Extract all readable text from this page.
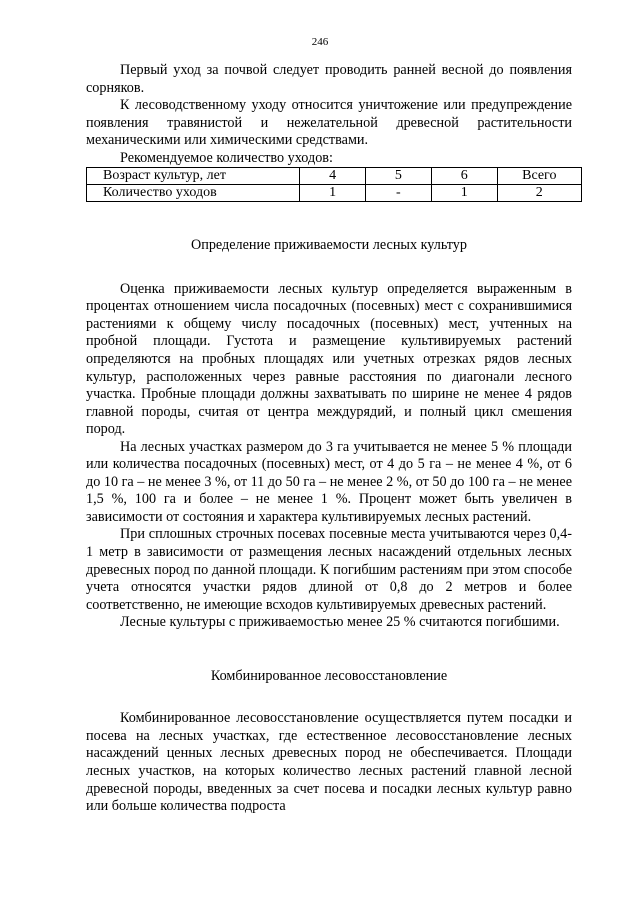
246

Первый уход за почвой следует проводить ранней весной до появления сорняков.

К лесоводственному уходу относится уничтожение или предупреждение появления травянистой и нежелательной древесной растительности механическими или химическими средствами.

Рекомендуемое количество уходов:

Возраст культур, лет	4	5	6	Всего
Количество уходов	1	-	1	2
Определение приживаемости лесных культур

Оценка приживаемости лесных культур определяется выраженным в процентах отношением числа посадочных (посевных) мест с сохранившимися растениями к общему числу посадочных (посевных) мест, учтенных на пробной площади. Густота и размещение культивируемых растений определяются на пробных площадях или учетных отрезках рядов лесных культур, расположенных через равные расстояния по диагонали лесного участка. Пробные площади должны захватывать по ширине не менее 4 рядов главной породы, считая от центра междурядий, и полный цикл смешения пород.

На лесных участках размером до 3 га учитывается не менее 5 % площади или количества посадочных (посевных) мест, от 4 до 5 га – не менее 4 %, от 6 до 10 га – не менее 3 %, от 11 до 50 га – не менее 2 %, от 50 до 100 га – не менее 1,5 %, 100 га и более – не менее 1 %. Процент может быть увеличен в зависимости от состояния и характера культивируемых лесных растений.

При сплошных строчных посевах посевные места учитываются через 0,4-1 метр в зависимости от размещения лесных насаждений отдельных лесных древесных пород по данной площади. К погибшим растениям при этом способе учета относятся участки рядов длиной от 0,8 до 2 метров и более соответственно, не имеющие всходов культивируемых древесных растений.

Лесные культуры с приживаемостью менее 25 % считаются погибшими.

Комбинированное лесовосстановление

Комбинированное лесовосстановление осуществляется путем посадки и посева на лесных участках, где естественное лесовосстановление лесных насаждений ценных лесных древесных пород не обеспечивается. Площади лесных участков, на которых количество лесных растений главной лесной древесной породы, введенных за счет посева и посадки лесных культур равно или больше количества подроста
